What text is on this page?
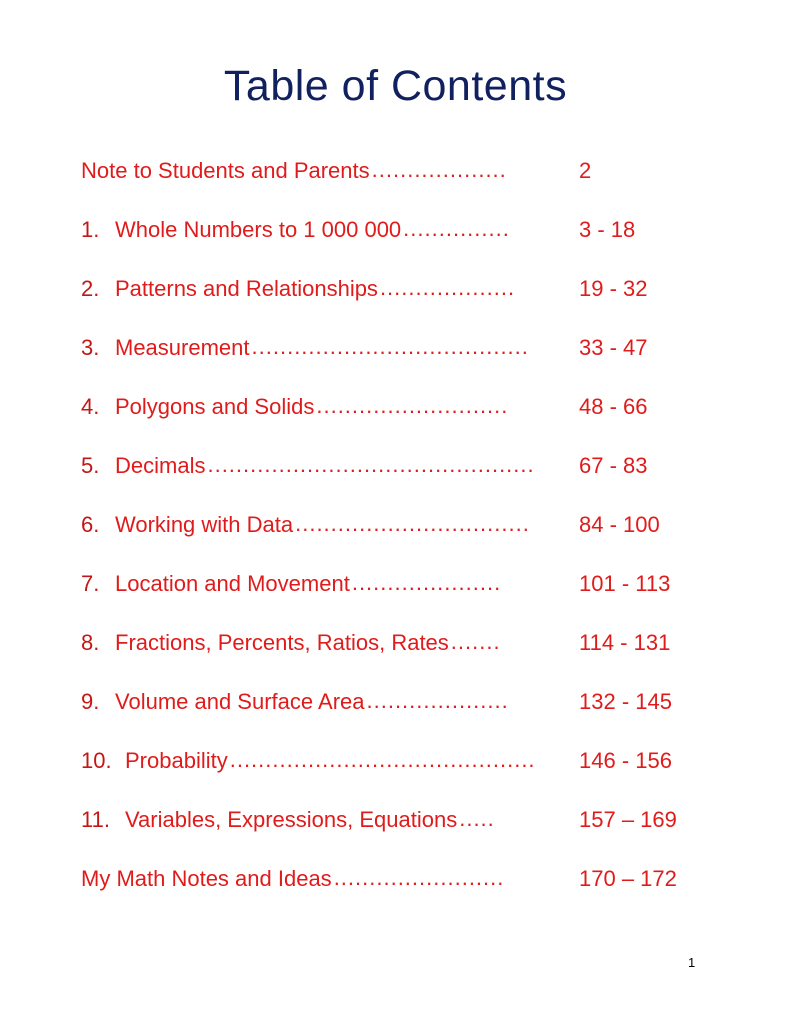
Table of Contents
Note to Students and Parents ...................	2
1. Whole Numbers to 1 000 000 ...............	3 - 18
2. Patterns and Relationships ...................	19 - 32
3. Measurement .......................................	33 - 47
4. Polygons and Solids ...........................	48 - 66
5. Decimals ..............................................	67 - 83
6. Working with Data .................................	84 - 100
7. Location and Movement .....................	101 - 113
8. Fractions, Percents, Ratios, Rates .......	114 - 131
9. Volume and Surface Area ....................	132 - 145
10. Probability ...........................................	146 - 156
11. Variables, Expressions, Equations .....	157 – 169
My Math Notes and Ideas ........................	170 – 172
1
